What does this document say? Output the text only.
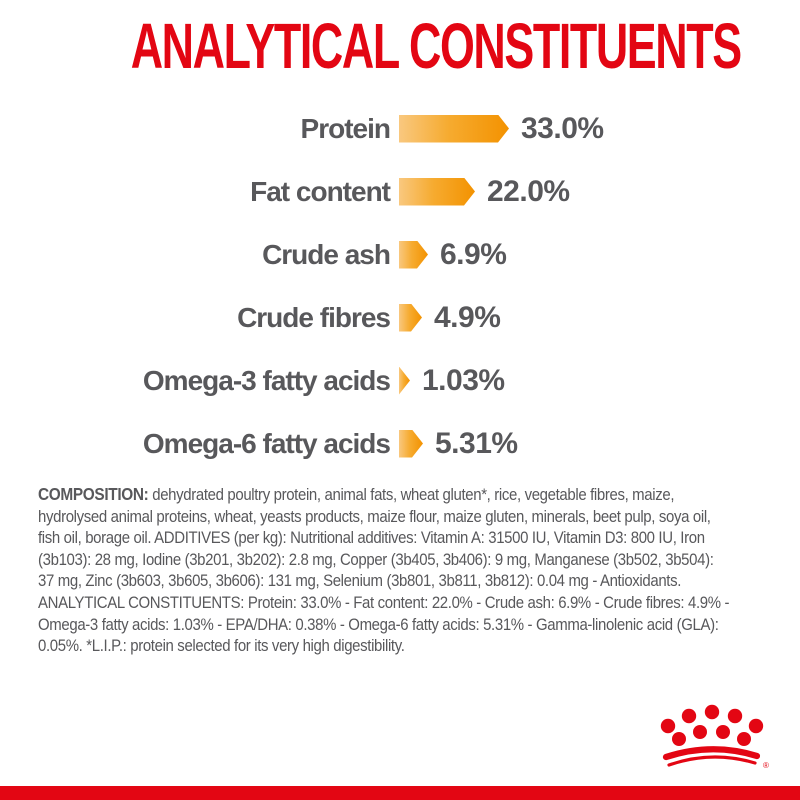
ANALYTICAL CONSTITUENTS
Protein	33.0%
Fat content	22.0%
Crude ash 6.9%
Crude fibres 4.9%
Omega-3 fatty acids 1.03%
Omega-6 fatty acids 5.31%
COMPOSITION: dehydrated poultry protein, animal fats, wheat gluten*, rice, vegetable fibres, maize,
hydrolysed animal proteins, wheat, yeasts products, maize flour, maize gluten, minerals, beet pulp, soya oil,
fish oil, borage oil. ADDITIVES (per kg): Nutritional additives: Vitamin A: 31500 IU, Vitamin D3: 800 IU, Iron
(3b103): 28 mg, Iodine (3b201, 3b202): 2.8 mg, Copper (3b405, 3b406): 9 mg, Manganese (3b502, 3b504):
37 mg, Zinc (3b603, 3b605, 3b606): 131 mg, Selenium (3b801, 3b811, 3b812): 0.04 mg - Antioxidants.
ANALYTICAL CONSTITUENTS: Protein: 33.0% - Fat content: 22.0% - Crude ash: 6.9% - Crude fibres: 4.9% -
Omega-3 fatty acids: 1.03% - EPA/DHA: 0.38% - Omega-6 fatty acids: 5.31% - Gamma-linolenic acid (GLA):
0.05%. *L.I.P.: protein selected for its very high digestibility.
®
